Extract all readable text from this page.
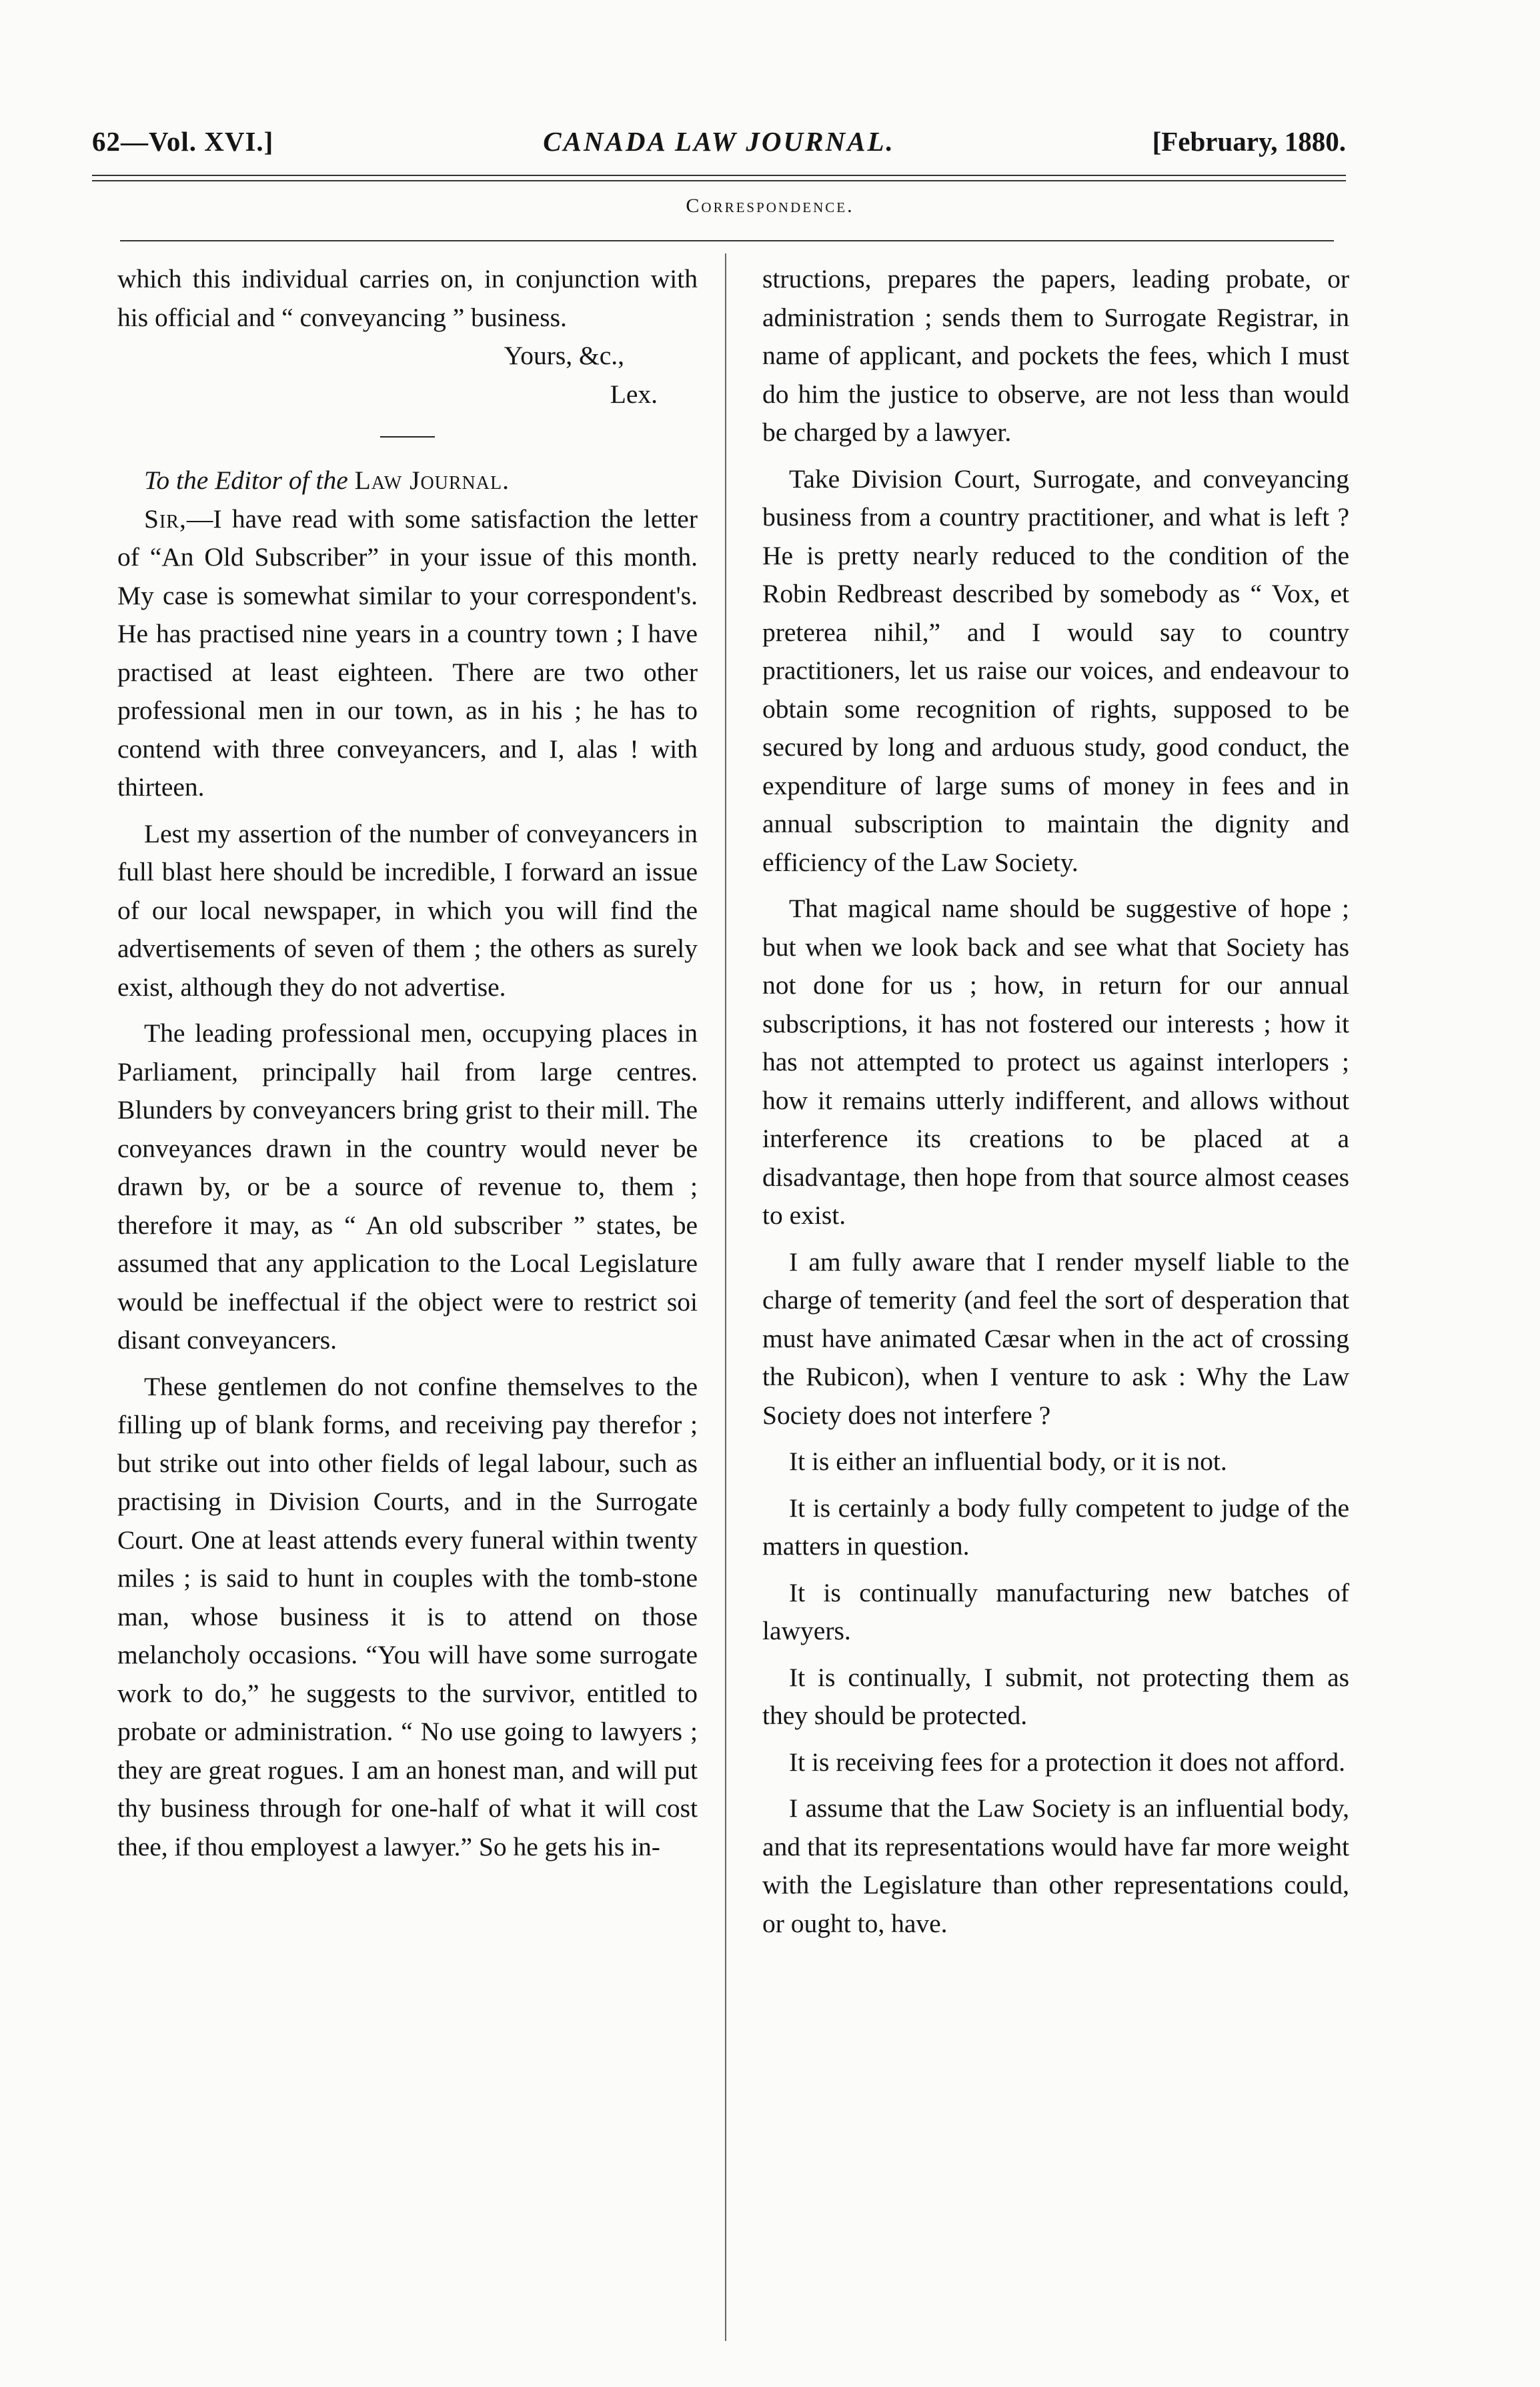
62—Vol. XVI.]	CANADA LAW JOURNAL.	[February, 1880.
Correspondence.

which this individual carries on, in conjunction with his official and “ conveyancing ” business.

Yours, &c.,

Lex.

To the Editor of the Law Journal.

Sir,—I have read with some satisfaction the letter of “An Old Subscriber” in your issue of this month. My case is somewhat similar to your correspondent's. He has practised nine years in a country town ; I have practised at least eighteen. There are two other professional men in our town, as in his ; he has to contend with three conveyancers, and I, alas ! with thirteen.

Lest my assertion of the number of conveyancers in full blast here should be incredible, I forward an issue of our local newspaper, in which you will find the advertisements of seven of them ; the others as surely exist, although they do not advertise.

The leading professional men, occupying places in Parliament, principally hail from large centres. Blunders by conveyancers bring grist to their mill. The conveyances drawn in the country would never be drawn by, or be a source of revenue to, them ; therefore it may, as “ An old subscriber ” states, be assumed that any application to the Local Legislature would be ineffectual if the object were to restrict soi disant conveyancers.

These gentlemen do not confine themselves to the filling up of blank forms, and receiving pay therefor ; but strike out into other fields of legal labour, such as practising in Division Courts, and in the Surrogate Court. One at least attends every funeral within twenty miles ; is said to hunt in couples with the tomb-stone man, whose business it is to attend on those melancholy occasions. “You will have some surrogate work to do,” he suggests to the survivor, entitled to probate or administration. “ No use going to lawyers ; they are great rogues. I am an honest man, and will put thy business through for one-half of what it will cost thee, if thou employest a lawyer.” So he gets his in-

structions, prepares the papers, leading probate, or administration ; sends them to Surrogate Registrar, in name of applicant, and pockets the fees, which I must do him the justice to observe, are not less than would be charged by a lawyer.

Take Division Court, Surrogate, and conveyancing business from a country practitioner, and what is left ? He is pretty nearly reduced to the condition of the Robin Redbreast described by somebody as “ Vox, et preterea nihil,” and I would say to country practitioners, let us raise our voices, and endeavour to obtain some recognition of rights, supposed to be secured by long and arduous study, good conduct, the expenditure of large sums of money in fees and in annual subscription to maintain the dignity and efficiency of the Law Society.

That magical name should be suggestive of hope ; but when we look back and see what that Society has not done for us ; how, in return for our annual subscriptions, it has not fostered our interests ; how it has not attempted to protect us against interlopers ; how it remains utterly indifferent, and allows without interference its creations to be placed at a disadvantage, then hope from that source almost ceases to exist.

I am fully aware that I render myself liable to the charge of temerity (and feel the sort of desperation that must have animated Cæsar when in the act of crossing the Rubicon), when I venture to ask : Why the Law Society does not interfere ?

It is either an influential body, or it is not.

It is certainly a body fully competent to judge of the matters in question.

It is continually manufacturing new batches of lawyers.

It is continually, I submit, not protecting them as they should be protected.

It is receiving fees for a protection it does not afford.

I assume that the Law Society is an influential body, and that its representations would have far more weight with the Legislature than other representations could, or ought to, have.
